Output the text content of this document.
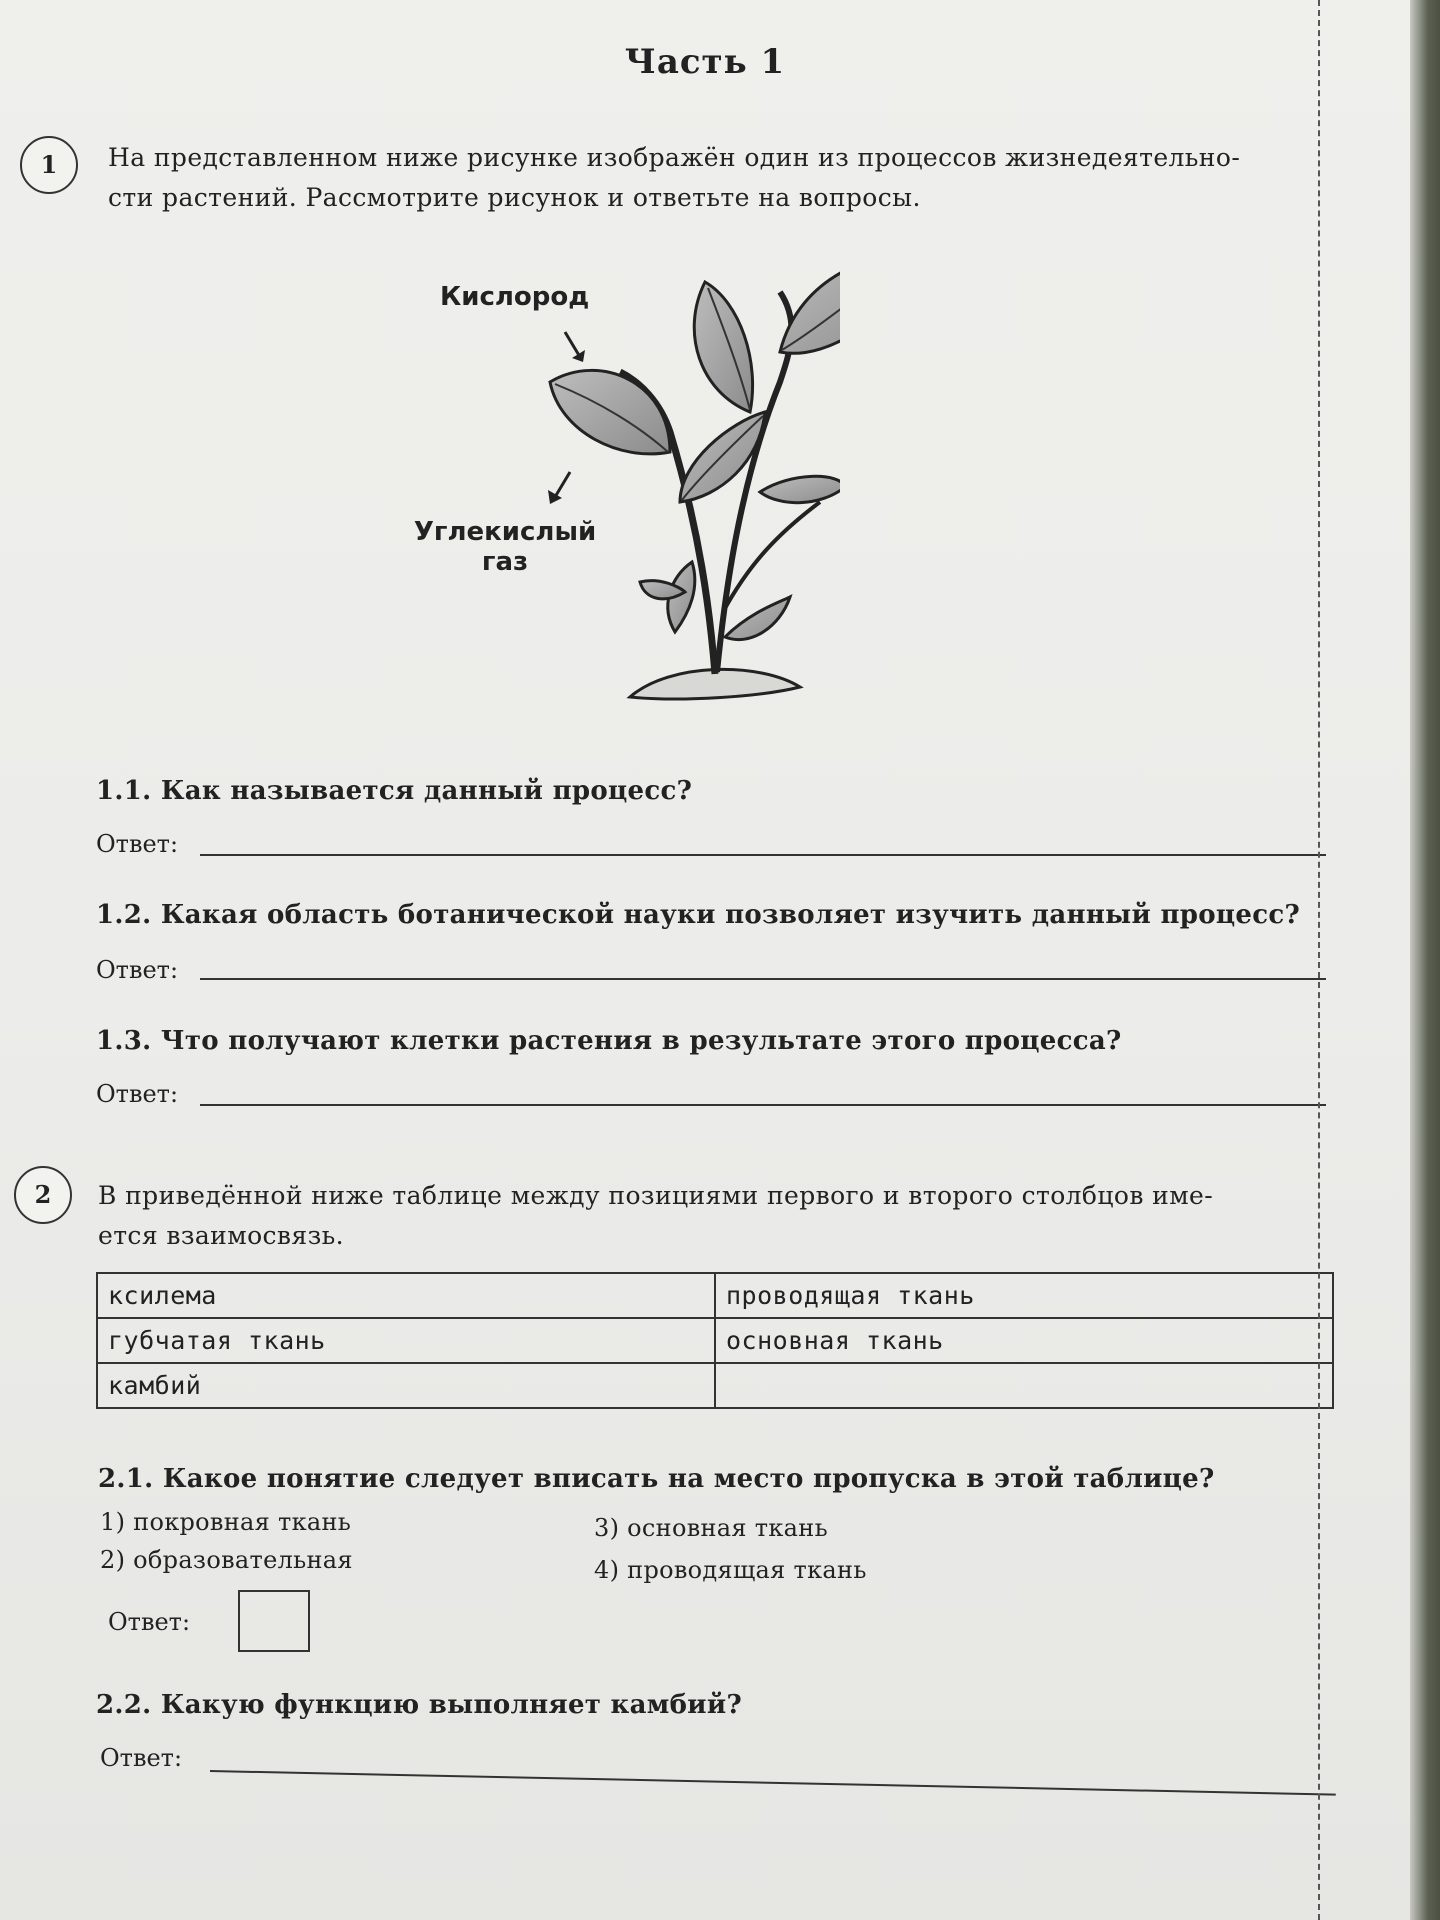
Часть 1
1	На представленном ниже рисунке изображён один из процессов жизнедеятельно-
сти растений. Рассмотрите рисунок и ответьте на вопросы.
Кислород
Углекислый
газ
1.1. Как называется данный процесс?
Ответ:
1.2. Какая область ботанической науки позволяет изучить данный процесс?
Ответ:
1.3. Что получают клетки растения в результате этого процесса?
Ответ:
2	В приведённой ниже таблице между позициями первого и второго столбцов име-
ется взаимосвязь.
ксилема	проводящая ткань
губчатая ткань	основная ткань
камбий	
2.1. Какое понятие следует вписать на место пропуска в этой таблице?
1) покровная ткань
2) образовательная
3) основная ткань
4) проводящая ткань
Ответ:
2.2. Какую функцию выполняет камбий?
Ответ:
